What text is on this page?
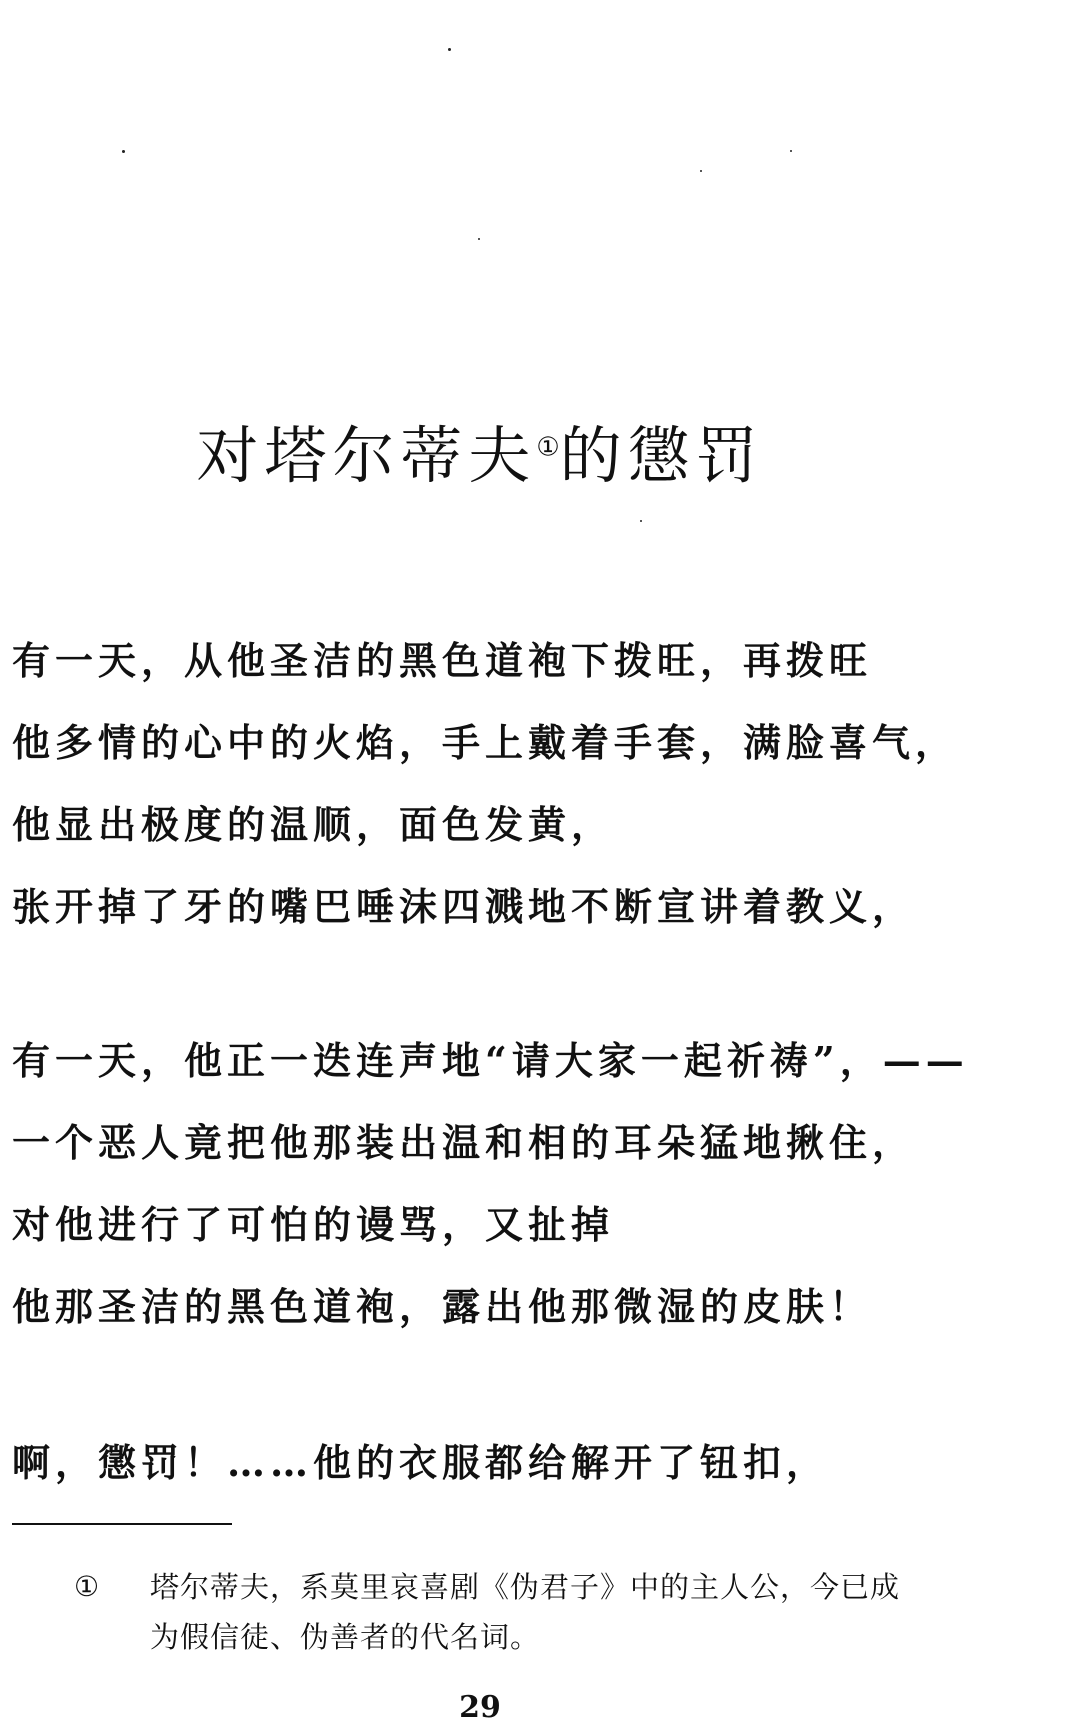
对塔尔蒂夫①的懲罚
有一天，从他圣洁的黑色道袍下拨旺，再拨旺
他多情的心中的火焰，手上戴着手套，满脸喜气，
他显出极度的温顺，面色发黄，
张开掉了牙的嘴巴唾沫四溅地不断宣讲着教义，
有一天，他正一迭连声地“请大家一起祈祷”，——
一个恶人竟把他那装出温和相的耳朵猛地揪住，
对他进行了可怕的谩骂，又扯掉
他那圣洁的黑色道袍，露出他那微湿的皮肤！
啊，懲罚！……他的衣服都给解开了钮扣，
① 塔尔蒂夫，系莫里哀喜剧《伪君子》中的主人公，今已成
为假信徒、伪善者的代名词。
29
